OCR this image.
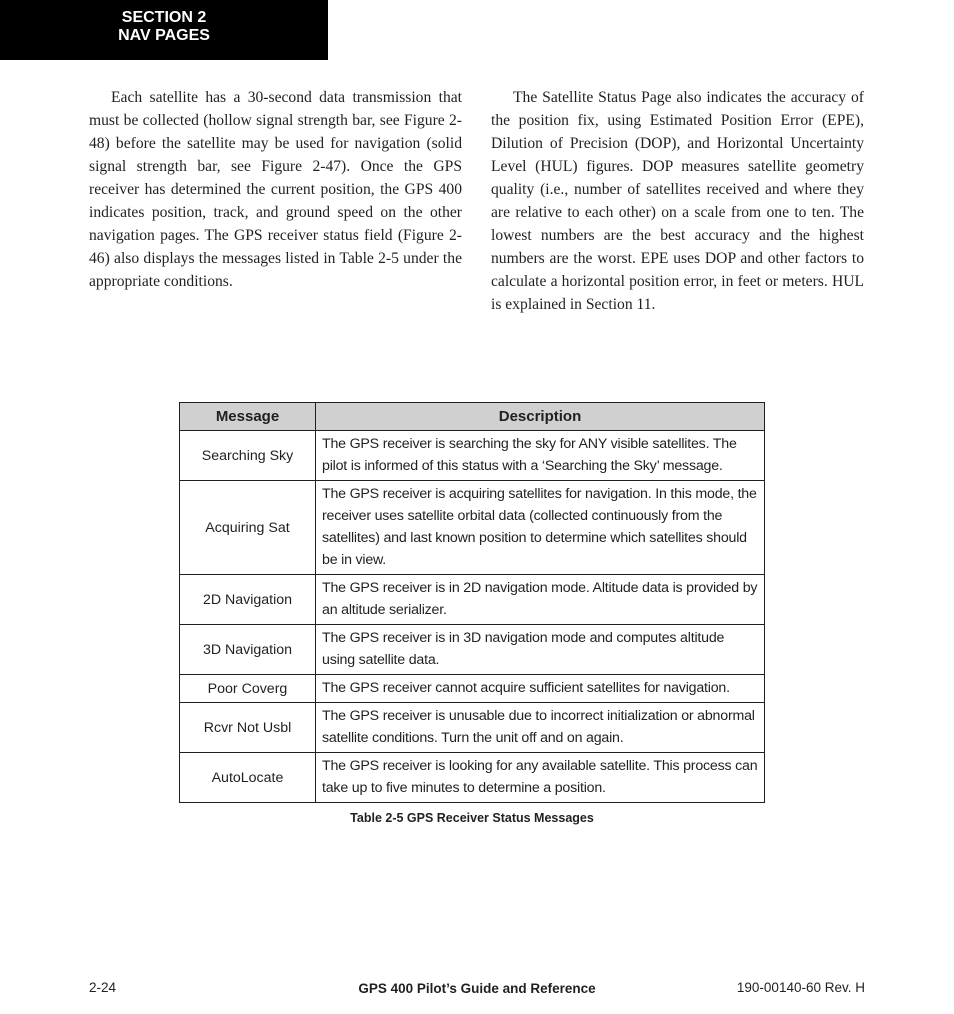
SECTION 2
NAV PAGES

Each satellite has a 30-second data transmission that must be collected (hollow signal strength bar, see Figure 2-48) before the satellite may be used for navigation (solid signal strength bar, see Figure 2-47). Once the GPS receiver has determined the current position, the GPS 400 indicates position, track, and ground speed on the other navigation pages. The GPS receiver status field (Figure 2-46) also displays the messages listed in Table 2-5 under the appropriate conditions.

The Satellite Status Page also indicates the accuracy of the position fix, using Estimated Position Error (EPE), Dilution of Precision (DOP), and Horizontal Uncertainty Level (HUL) figures. DOP measures satellite geometry quality (i.e., number of satellites received and where they are relative to each other) on a scale from one to ten. The lowest numbers are the best accuracy and the highest numbers are the worst. EPE uses DOP and other factors to calculate a horizontal position error, in feet or meters. HUL is explained in Section 11.

Message	Description
Searching Sky	The GPS receiver is searching the sky for ANY visible satellites. The pilot is informed of this status with a ‘Searching the Sky’ message.
Acquiring Sat	The GPS receiver is acquiring satellites for navigation. In this mode, the receiver uses satellite orbital data (collected continuously from the satellites) and last known position to determine which satellites should be in view.
2D Navigation	The GPS receiver is in 2D navigation mode. Altitude data is provided by an altitude serializer.
3D Navigation	The GPS receiver is in 3D navigation mode and computes altitude using satellite data.
Poor Coverg	The GPS receiver cannot acquire sufficient satellites for navigation.
Rcvr Not Usbl	The GPS receiver is unusable due to incorrect initialization or abnormal satellite conditions. Turn the unit off and on again.
AutoLocate	The GPS receiver is looking for any available satellite. This process can take up to five minutes to determine a position.
Table 2-5 GPS Receiver Status Messages
2-24	GPS 400 Pilot’s Guide and Reference	190-00140-60 Rev. H
